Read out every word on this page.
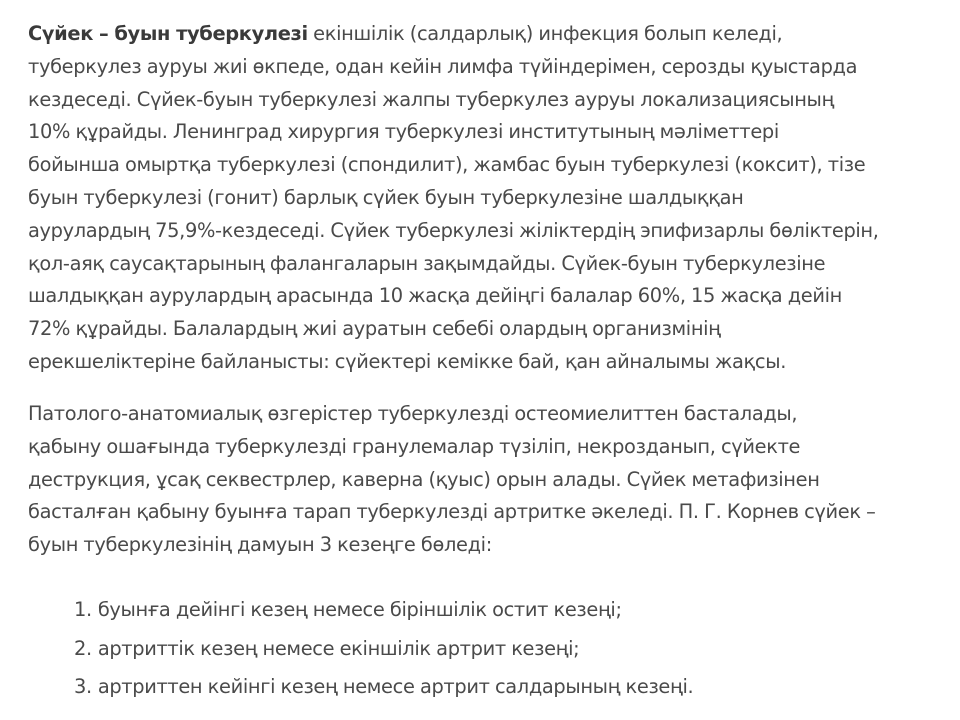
Сүйек – буын туберкулезі екіншілік (салдарлық) инфекция болып келеді,
туберкулез ауруы жиі өкпеде, одан кейін лимфа түйіндерімен, серозды қуыстарда
кездеседі. Сүйек-буын туберкулезі жалпы туберкулез ауруы локализациясының
10% құрайды. Ленинград хирургия туберкулезі институтының мәліметтері
бойынша омыртқа туберкулезі (спондилит), жамбас буын туберкулезі (коксит), тізе
буын туберкулезі (гонит) барлық сүйек буын туберкулезіне шалдыққан
аурулардың 75,9%-кездеседі. Сүйек туберкулезі жіліктердің эпифизарлы бөліктерін,
қол-аяқ саусақтарының фалангаларын зақымдайды. Сүйек-буын туберкулезіне
шалдыққан аурулардың арасында 10 жасқа дейіңгі балалар 60%, 15 жасқа дейін
72% құрайды. Балалардың жиі ауратын себебі олардың организмінің
ерекшеліктеріне байланысты: сүйектері кемікке бай, қан айналымы жақсы.

Патолого-анатомиалық өзгерістер туберкулезді остеомиелиттен басталады,
қабыну ошағында туберкулезді гранулемалар түзіліп, некрозданып, сүйекте
деструкция, ұсақ секвестрлер, каверна (қуыс) орын алады. Сүйек метафизінен
басталған қабыну буынға тарап туберкулезді артритке әкеледі. П. Г. Корнев сүйек –
буын туберкулезінің дамуын 3 кезеңге бөледі:

1. буынға дейінгі кезең немесе біріншілік остит кезеңі;
2. артриттік кезең немесе екіншілік артрит кезеңі;
3. артриттен кейінгі кезең немесе артрит салдарының кезеңі.
